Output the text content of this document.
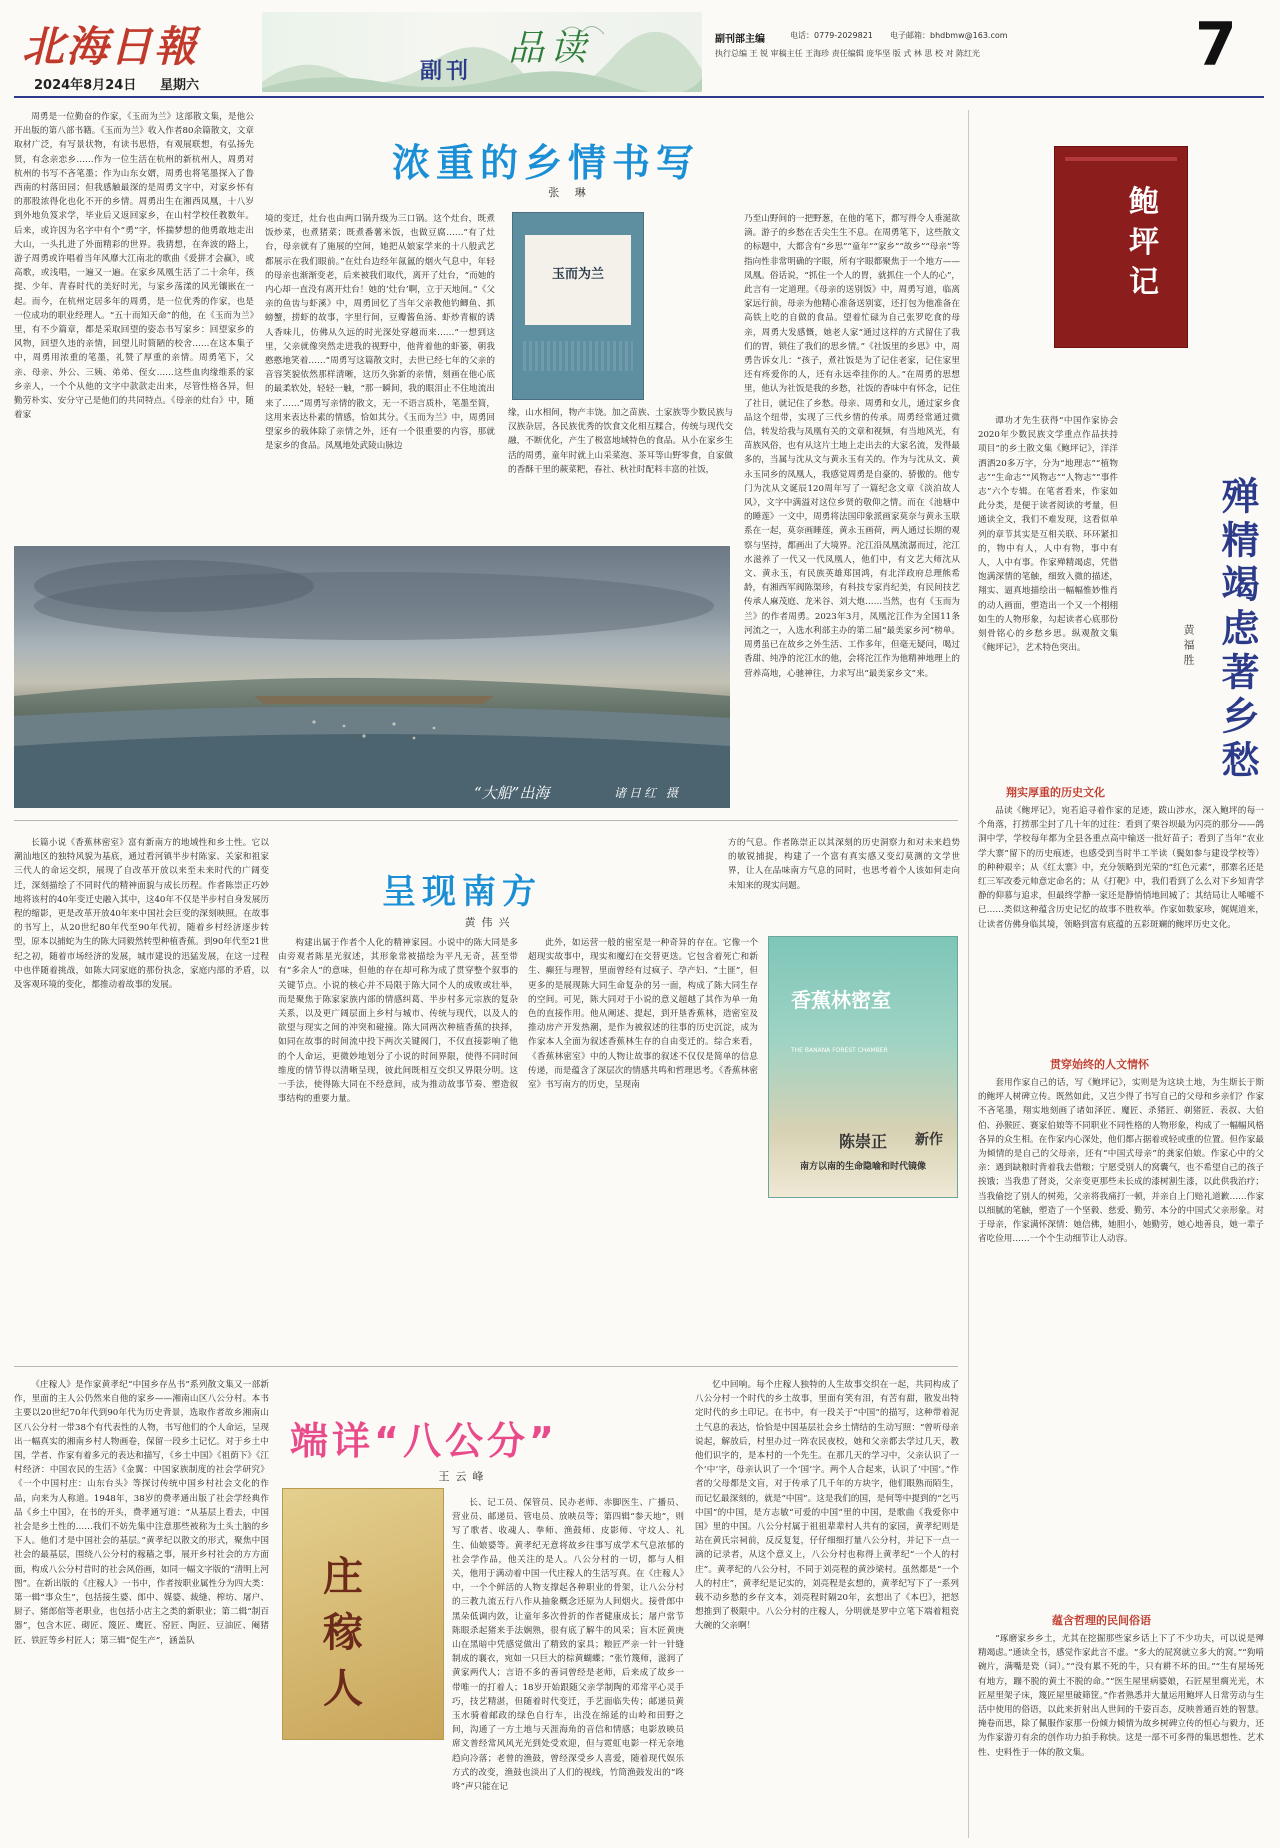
北海日報
2024年8月24日 星期六
副刊
品读	副刊部主编	电话：0779-2029821 电子邮箱：bhdbmw@163.com
执行总编 王 锐 审稿主任 王海珍 责任编辑 庞华坚 版 式 林 思 校 对 陈红光	7
浓重的乡情书写
张 琳
周勇是一位勤奋的作家，《玉而为兰》这部散文集，是他公开出版的第八部书籍。《玉而为兰》收入作者80余篇散文，文章取材广泛，有写景状物，有读书思悟，有观展联想，有弘扬先贤，有念亲恋乡……作为一位生活在杭州的新杭州人，周勇对杭州的书写不吝笔墨；作为山东女婿，周勇也将笔墨探入了鲁西南的村落田园；但我感触最深的是周勇文字中，对家乡怀有的那股浓得化也化不开的乡情。周勇出生在湘西凤凰，十八岁到外地负笈求学，毕业后又返回家乡，在山村学校任教数年。后来，或许因为名字中有个“勇”字，怀揣梦想的他勇敢地走出大山，一头扎进了外面精彩的世界。我猜想，在奔波的路上，游子周勇或许唱着当年风靡大江南北的歌曲《爱拼才会赢》，或高歌，或浅唱，一遍又一遍。在家乡凤凰生活了二十余年，孩提、少年、青春时代的美好时光，与家乡荡漾的风光镶嵌在一起。而今，在杭州定居多年的周勇，是一位优秀的作家，也是一位成功的职业经理人。“五十而知天命”的他，在《玉而为兰》里，有不少篇章，都是采取回望的姿态书写家乡：回望家乡的风物，回望久违的亲情，回望儿时简陋的校舍……在这本集子中，周勇用浓重的笔墨，礼赞了厚重的亲情。周勇笔下，父亲、母亲、外公、三姨、弟弟、侄女……这些血肉缘维系的家乡亲人，一个个从他的文字中款款走出来，尽管性格各异，但勤劳朴实、安分守己是他们的共同特点。《母亲的灶台》中，随着家
境的变迁，灶台也由两口锅升级为三口锅。这个灶台，既煮饭炒菜，也煮猪菜；既煮番薯米饭，也做豆腐……“有了灶台，母亲就有了施展的空间，她把从娘家学来的十八般武艺都展示在我们眼前。”在灶台边经年氤氲的烟火气息中，年轻的母亲也渐渐变老，后来被我们取代，离开了灶台，“而她的内心却一直没有离开灶台！她的‘灶台’啊，立于天地间。”《父亲的鱼齿与虾溪》中，周勇回忆了当年父亲教他钓鲫鱼、抓螃蟹，捞虾的故事，字里行间，豆瓣酱鱼汤、虾炒青椒的诱人香味儿，仿佛从久远的时光深处穿越而来……“一想到这里，父亲就像突然走进我的视野中，他背着他的虾篓，朝我憨憨地笑着……”周勇写这篇散文时，去世已经七年的父亲的音容笑貌依然那样清晰，这历久弥新的亲情，刻画在他心底的最柔软处，轻轻一触，“那一瞬间，我的眼泪止不住地流出来了……”周勇写亲情的散文，无一不语言质朴，笔墨至简，这用来表达朴素的情感，恰如其分。《玉而为兰》中，周勇回望家乡的载体除了亲情之外，还有一个很重要的内容，那就是家乡的食品。凤凰地处武陵山脉边
玉而为兰
缘，山水相间，物产丰饶。加之苗族、土家族等少数民族与汉族杂居，各民族优秀的饮食文化相互糅合，传统与现代交融，不断优化，产生了极富地域特色的食品。从小在家乡生活的周勇，童年时就上山采菜泡、茶耳等山野零食，自家做的香酥干里的蕨菜粑，春社、秋社时配料丰富的社饭，
乃至山野间的一把野葱，在他的笔下，都写得令人垂涎欲滴。游子的乡愁在舌尖生生不息。在周勇笔下，这些散文的标题中，大都含有“乡思”“童年”“家乡”“故乡”“母亲”等指向性非常明确的字眼，所有字眼都聚焦于一个地方——凤凰。俗话说，“抓住一个人的胃，就抓住一个人的心”，此言有一定道理。《母亲的送别饭》中，周勇写道，临离家远行前，母亲为他精心准备送别宴，还打包为他准备在高铁上吃的自做的食品。望着忙碌为自己张罗吃食的母亲，周勇大发感慨，她老人家“通过这样的方式留住了我们的胃，锁住了我们的思乡情。”《社饭里的乡思》中，周勇告诉女儿：“孩子，煮社饭是为了记住老家，记住家里还有疼爱你的人，还有永远牵挂你的人。”在周勇的思想里，他认为社饭是我的乡愁，社饭的香味中有怀念，记住了社日，就记住了乡愁。母亲、周勇和女儿，通过家乡食品这个纽带，实现了三代乡情的传承。周勇经常通过微信，转发给我与凤凰有关的文章和视频，有当地风光，有苗族风俗，也有从这片土地上走出去的大家名流，发得最多的，当属与沈从文与黄永玉有关的。作为与沈从文、黄永玉同乡的凤凰人，我感觉周勇是自豪的、骄傲的。他专门为沈从文诞辰120周年写了一篇纪念文章《淡泊故人风》，文字中满溢对这位乡贤的敬仰之情。而在《池塘中的睡莲》一文中，周勇将法国印象派画家莫奈与黄永玉联系在一起，莫奈画睡莲，黄永玉画荷，两人通过长期的观察与坚持，都画出了大境界。沱江沿凤凰流潺而过，沱江水滋养了一代又一代凤凰人，他们中，有文艺大师沈从文、黄永玉，有民族英雄郑国鸿，有北洋政府总理熊希龄，有湘西军阀陈渠珍，有科技专家肖纪美，有民间技艺传承人麻茂庭、龙米谷、刘大炮……当然，也有《玉而为兰》的作者周勇。2023年3月，凤凰沱江作为全国11条河流之一，入选水利部主办的第二届“最美家乡河”榜单。周勇虽已在故乡之外生活、工作多年，但毫无疑问，喝过香甜、纯净的沱江水的他，会将沱江作为他精神地理上的营养高地，心驰神往，力求写出“最美家乡文”来。
“大船”出海	诸日红 摄
呈现南方
黄伟兴
长篇小说《香蕉林密室》富有新南方的地域性和乡土性。它以潮汕地区的独特风貌为基底，通过看河镇半步村陈家、关家和祖家三代人的命运交织，展现了自改革开放以来至未来时代的广阔变迁，深刻描绘了不同时代的精神面貌与成长历程。作者陈崇正巧妙地将该村的40年变迁史融入其中，这40年不仅是半步村自身发展历程的缩影，更是改革开放40年来中国社会巨变的深刻映照。在故事的书写上，从20世纪80年代至90年代初，随着乡村经济逐步转型，原本以捕蛇为生的陈大同毅然转型种植香蕉。到90年代至21世纪之初，随着市场经济的发展，城市建设的迅猛发展，在这一过程中也伴随着挑战，如陈大同家庭的那份执念，家庭内部的矛盾，以及客观环境的变化，都推动着故事的发展。
构建出属于作者个人化的精神家园。小说中的陈大同是多由旁观者陈星光叙述，其形象常被描绘为平凡无奇，甚至带有“多余人”的意味，但他的存在却可称为成了贯穿整个叙事的关键节点。小说的核心并不局限于陈大同个人的成败或壮举，而是聚焦于陈家家族内部的情感纠葛、半步村多元宗族的复杂关系，以及更广阔层面上乡村与城市、传统与现代，以及人的欲望与现实之间的冲突和碰撞。陈大同两次种植香蕉的抉择，如同在故事的时间流中投下两次关键阀门，不仅直接影响了他的个人命运，更微妙地划分了小说的时间界限，使得不同时间维度的情节得以清晰呈现，彼此间既相互交织又界限分明。这一手法，使得陈大同在不经意间，成为推动故事节奏、塑造叙事结构的重要力量。
此外，如运营一般的密室是一种奇异的存在。它像一个超现实故事中，现实和魔幻在交替更迭。它包含着死亡和新生、癫狂与理智，里面曾经有过疯子、孕产妇、“土匪”，但更多的是展现陈大同生命复杂的另一面，构成了陈大同生存的空间。可见，陈大同对于小说的意义超越了其作为单一角色的直接作用。他从阐述、提起，到开垦香蕉林，造密室及推动房产开发热潮，是作为被叙述的往事的历史沉淀，成为作家本人全面为叙述香蕉林生存的自由变迁的。综合来看，《香蕉林密室》中的人物让故事的叙述不仅仅是简单的信息传递，而是蕴含了深层次的情感共鸣和哲理思考。《香蕉林密室》书写南方的历史，呈现南
方的气息。作者陈崇正以其深刻的历史洞察力和对未来趋势的敏锐捕捉，构建了一个富有真实感又变幻莫测的文学世界，让人在品味南方气息的同时，也思考着个人该如何走向未知来的现实问题。
香蕉林密室
THE BANANA FOREST CHAMBER
陈崇正 新作
南方以南的生命隐喻和时代镜像
端详“八公分”
王云峰
《庄稼人》是作家黄孝纪“中国乡存丛书”系列散文集又一部新作，里面的主人公仍然来自他的家乡——湘南山区八公分村。本书主要以20世纪70年代到90年代为历史背景，选取作者故乡湘南山区八公分村一带38个有代表性的人物，书写他们的个人命运，呈现出一幅真实的湘南乡村人物画卷，保留一段乡土记忆。对于乡土中国，学者、作家有着多元的表达和描写，《乡土中国》《祖荫下》《江村经济：中国农民的生活》《金翼：中国家族制度的社会学研究》《一个中国村庄：山东台头》等探讨传统中国乡村社会文化的作品，向来为人称道。1948年，38岁的费孝通出版了社会学经典作品《乡土中国》，在书的开头，费孝通写道：“从基层上看去，中国社会是乡土性的……我们不妨先集中注意那些被称为土头土脑的乡下人。他们才是中国社会的基层。”黄孝纪以散文的形式，聚焦中国社会的最基层，围绕八公分村的稼穑之事，展开乡村社会的方方面面，构成八公分村昔时的社会风俗画，如同一幅文字版的“清明上河图”。在新出版的《庄稼人》一书中，作者按职业属性分为四大类：第一辑“事众生”，包括接生婆、郎中、媒婆、裁缝、榨坊、屠户、厨子、猪郎倌等老职业，也包括小店主之类的新职业；第二辑“制百器”，包含木匠、砌匠、篾匠、鹰匠、窑匠、陶匠、豆油匠、阉猪匠、铁匠等乡村匠人；第三辑“促生产”，涵盖队
庄稼人
长、记工员、保管员、民办老师、赤脚医生、广播员、营业员、邮递员、管电员、放映员等；第四辑“参天地”，则写了歌者、收魂人、拳师、渔鼓师、皮影师、守坟人、礼生、仙娘婆等。黄孝纪无意将故乡往事写成学术气息浓郁的社会学作品，他关注的是人。八公分村的一切，都与人相关，他用于满动着中国一代庄稼人的生活写真。在《庄稼人》中，一个个鲜活的人物支撑起各种职业的骨架，让八公分村的三教九流五行八作从抽象概念还原为人间烟火。接骨郎中黑朵低调内敛，让童年多次骨折的作者健康成长；屠户常节陈眼杀起猪来手法娴熟，很有底了解牛的风采；盲木匠黄庚山在黑暗中凭感觉做出了精致的家具；粮匠严亲一针一针缝制成的襄衣，宛如一只巨大的棕黄蝴蝶；“张竹篾师，滋润了黄家两代人；言语不多的善词曾经是老师，后来成了故乡一带唯一的打着人；18岁开始跟随父亲学制陶的邓常平心灵手巧，技艺精湛，但随着时代变迁，手艺面临失传；邮递员黄玉水骑着邮政的绿色自行车，出没在绵延的山岭和田野之间，沟通了一方土地与天涯海角的音信和情感；电影放映员席文普经常风风光光到处受欢迎，但与霓虹电影一样无奈地趋向冷落；老曾的渔鼓，曾经深受乡人喜爱，随着现代娱乐方式的改变，渔鼓也淡出了人们的视线，竹筒渔鼓发出的“咚咚”声只能在记
忆中回响。每个庄稼人独特的人生故事交织在一起，共同构成了八公分村一个时代的乡土故事，里面有笑有泪，有苦有甜，散发出特定时代的乡土印记。在书中，有一段关于“中国”的描写，这种带着泥土气息的表达，恰恰是中国基层社会乡土情结的生动写照：“曾听母亲说起，解放后，村里办过一阵农民夜校，她和父亲都去学过几天，教他们识字的，是本村的一个先生。在那几天的学习中，父亲认识了一个‘中’字，母亲认识了一个‘国’字。两个人合起来，认识了‘中国’。”作者的父母都是文盲，对于传承了几千年的方块字，他们眼熟而陌生，而记忆最深刻的，就是“中国”。这是我们的国，是何等中提到的“乞丐中国”的中国，是方志敏“可爱的中国”里的中国，是歌曲《我爱你中国》里的中国。八公分村属于祖祖辈辈村人共有的家园，黄孝纪则是站在黄氏宗祠前，反反复复，仔仔细细打量八公分村，并记下一点一滴的记录者，从这个意义上，八公分村也称得上黄孝纪“一个人的村庄”。黄孝纪的八公分村，不同于刘亮程的黄沙梁村。虽然都是“一个人的村庄”，黄孝纪是记实的，刘亮程是玄想的，黄孝纪写下了一系列载不动乡愁的乡存文本，刘亮程时隔20年，玄想出了《本巴》，把怒想推到了极限中。八公分村的庄稼人，分明就是罗中立笔下端着粗瓷大碗的父亲啊！
鲍坪记
谭功才先生获得“中国作家协会2020年少数民族文学重点作品扶持项目”的乡土散文集《鲍坪记》，洋洋洒洒20多万字，分为“地理志”“植物志”“生命志”“风物志”“人物志”“事件志”六个专辑。在笔者看来，作家如此分类，是便于读者阅读的考量，但通读全文，我们不难发现，这看似单列的章节其实是互相关联、环环紧扣的，物中有人，人中有物，事中有人，人中有事。作家殚精竭虑，凭借饱满深情的笔触，细致入微的描述，翔实、逼真地描绘出一幅幅惟妙惟肖的动人画面，塑造出一个又一个栩栩如生的人物形象，勾起读者心底那份刻骨铭心的乡愁乡思。纵观散文集《鲍坪记》，艺术特色突出。	殚精竭虑著乡愁
黄福胜
翔实厚重的历史文化
品读《鲍坪记》，宛若追寻着作家的足迹，跋山涉水，深入鲍坪的每一个角落，打捞那尘封了几十年的过往：看到了栗谷坝最为闪亮的那分——鸽洞中学，学校每年都为全县各重点高中输送一批好苗子；看到了当年“农业学大寨”留下的历史痕迹，也感受到当时半工半读（鬓如参与建设学校等）的种种艰辛；从《红太寨》中，充分领略到光荣的“红色元素”，那寨名还是红三军改委元帅意定命名的；从《打靶》中，我们看到了么么对下乡知青学静的仰慕与追求，但最终学静一家还是静悄悄地回城了；其结局让人唏嘘不已……类似这种蕴含历史记忆的故事不胜枚举。作家如数家珍，娓娓道来，让读者仿佛身临其境，领略到富有底蕴的五彩斑斓的鲍坪历史文化。
贯穿始终的人文情怀
套用作家自己的话，写《鲍坪记》，实则是为这块土地，为生斯长于斯的鲍坪人树碑立传。既然如此，又岂少得了书写自己的父母和乡亲们？作家不吝笔墨，翔实地刻画了诸如泽匠、魔匠、杀猪匠、剃猪匠、表叔、大伯伯、孙猴匠、赛家伯娘等不同职业不同性格的人物形象，构成了一幅幅风格各异的众生相。在作家内心深处，他们都占据着或轻或重的位置。但作家最为倾情的是自己的父母亲，还有“中国式母亲”的龚家伯娘。作家心中的父亲：遇到缺粮时背着我去借粮；宁愿受别人的窝囊气，也不希望自己的孩子挨饿；当我患了肾炎，父亲变更那些未长成的漆树割生漆，以此供我治疗；当我偷挖了别人的树苑，父亲将我痛打一顿，并亲自上门赔礼道歉……作家以细腻的笔触，塑造了一个坚毅、慈爱、勤劳、本分的中国式父亲形象。对于母亲，作家满怀深情：她信佛，她胆小，她勤劳，她心地善良，她一辈子省吃俭用……一个个生动细节让人动容。
蕴含哲理的民间俗语
“琢磨家乡乡土，尤其在挖掘那些家乡话上下了不少功夫，可以说是殚精竭虑。”通读全书，感觉作家此言不虚。“多大的屁窝就立多大的窝。”“狗啃碗片，满嘴是瓷（词）。”“没有累不死的牛，只有耕不坏的田。”“生有屋场死有地方，蹦不脱的黄土不脱的命。”“医生屋里病婆娘，石匠屋里瘸光光，木匠屋里架子床，篾匠屋里破筛筐。”作者熟悉并大量运用鲍坪人日常劳动与生活中使用的俗语，以此来折射出人世间的千姿百态，反映普通百姓的智慧。掩卷而思，除了佩服作家那一份倾力倾情为故乡树碑立传的恒心与毅力，还为作家游刃有余的创作功力拍手称快。这是一部不可多得的集思想性、艺术性、史料性于一体的散文集。
